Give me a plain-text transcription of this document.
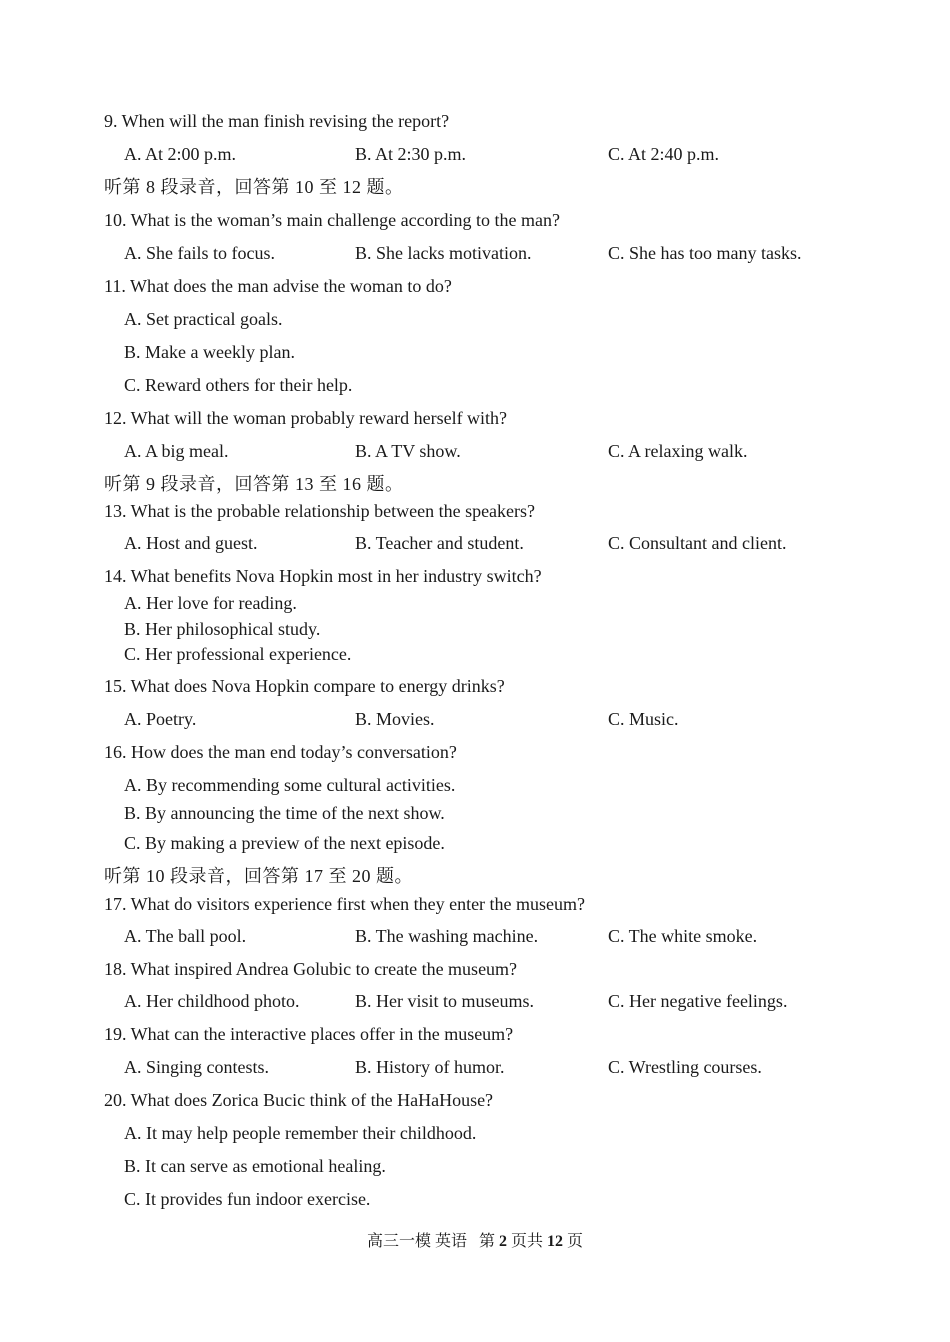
9. When will the man finish revising the report?
A. At 2:00 p.m.	B. At 2:30 p.m.	C. At 2:40 p.m.
听第 8 段录音，回答第 10 至 12 题。
10. What is the woman’s main challenge according to the man?
A. She fails to focus.	B. She lacks motivation.	C. She has too many tasks.
11. What does the man advise the woman to do?
A. Set practical goals.
B. Make a weekly plan.
C. Reward others for their help.
12. What will the woman probably reward herself with?
A. A big meal.	B. A TV show.	C. A relaxing walk.
听第 9 段录音，回答第 13 至 16 题。
13. What is the probable relationship between the speakers?
A. Host and guest.	B. Teacher and student.	C. Consultant and client.
14. What benefits Nova Hopkin most in her industry switch?
A. Her love for reading.
B. Her philosophical study.
C. Her professional experience.
15. What does Nova Hopkin compare to energy drinks?
A. Poetry.	B. Movies.	C. Music.
16. How does the man end today’s conversation?
A. By recommending some cultural activities.
B. By announcing the time of the next show.
C. By making a preview of the next episode.
听第 10 段录音，回答第 17 至 20 题。
17. What do visitors experience first when they enter the museum?
A. The ball pool.	B. The washing machine.	C. The white smoke.
18. What inspired Andrea Golubic to create the museum?
A. Her childhood photo.	B. Her visit to museums.	C. Her negative feelings.
19. What can the interactive places offer in the museum?
A. Singing contests.	B. History of humor.	C. Wrestling courses.
20. What does Zorica Bucic think of the HaHaHouse?
A. It may help people remember their childhood.
B. It can serve as emotional healing.
C. It provides fun indoor exercise.
高三一模 英语 第 2 页共 12 页
